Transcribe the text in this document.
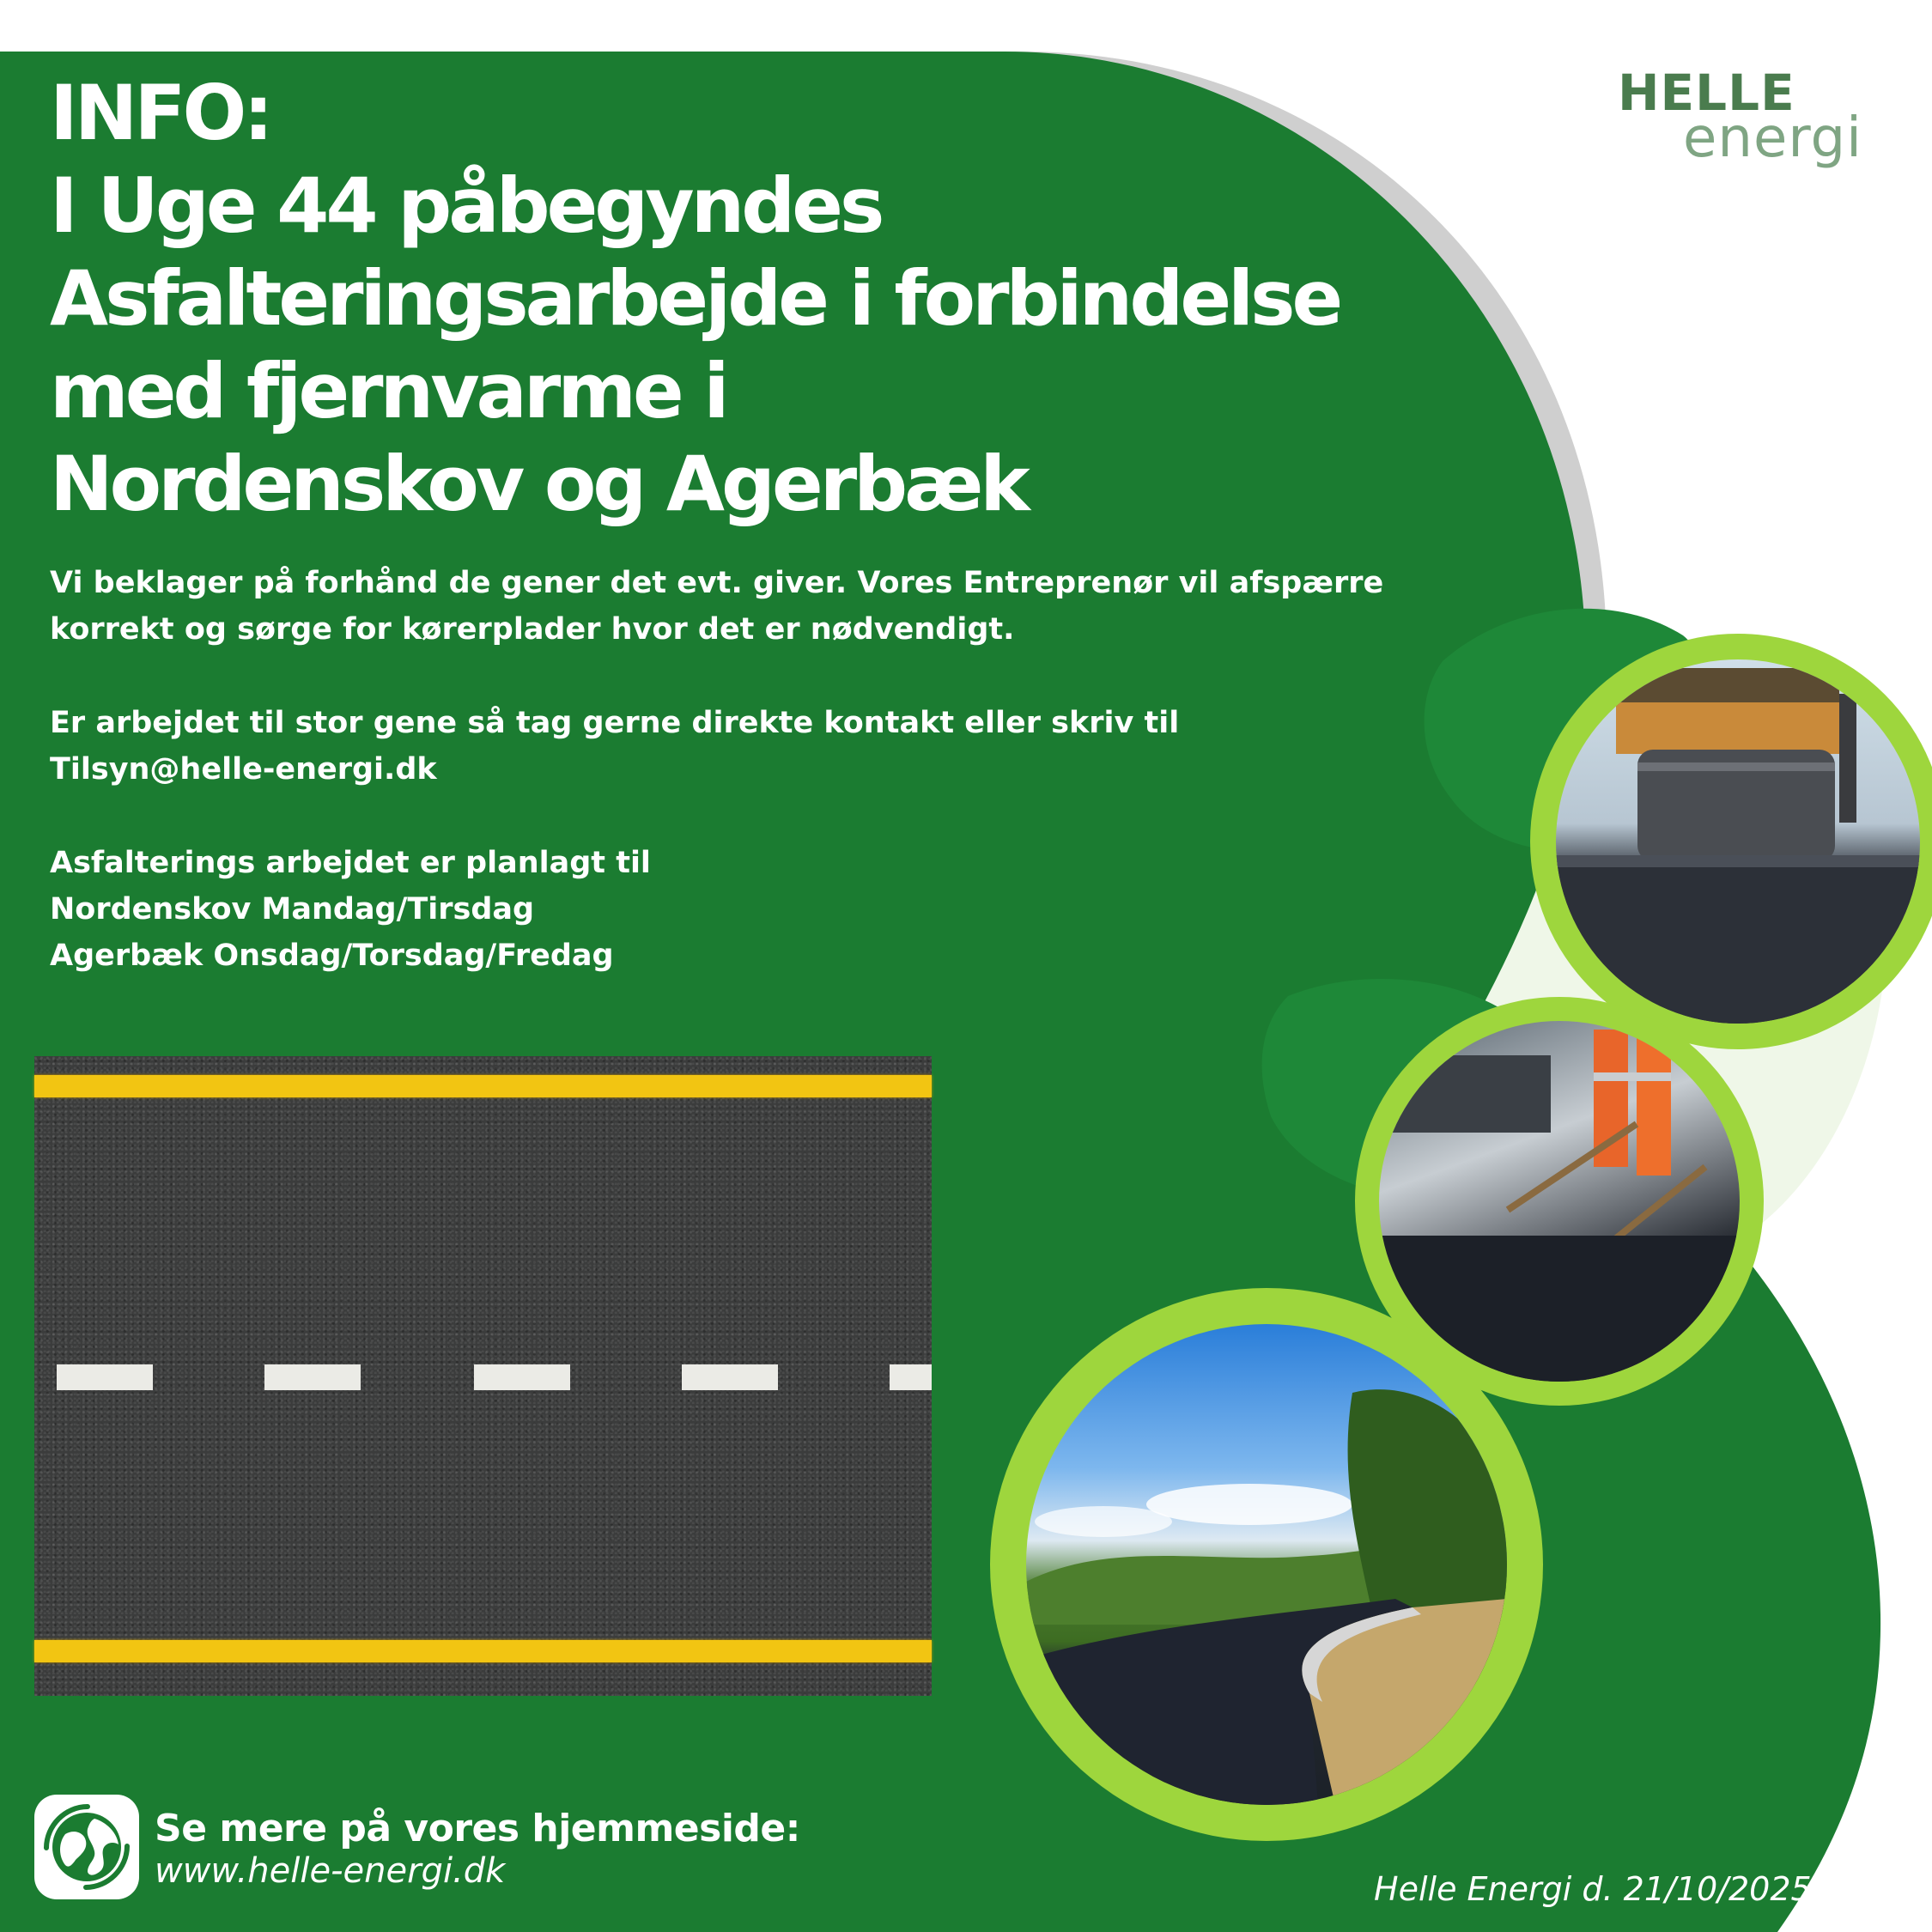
HELLE
energi
INFO:
I Uge 44 påbegyndes
Asfalteringsarbejde i forbindelse
med fjernvarme i
Nordenskov og Agerbæk
Vi beklager på forhånd de gener det evt. giver. Vores Entreprenør vil afspærre
korrekt og sørge for kørerplader hvor det er nødvendigt.
Er arbejdet til stor gene så tag gerne direkte kontakt eller skriv til
Tilsyn@helle-energi.dk
Asfalterings arbejdet er planlagt til
Nordenskov Mandag/Tirsdag
Agerbæk Onsdag/Torsdag/Fredag
Se mere på vores hjemmeside:
www.helle-energi.dk	Helle Energi d. 21/10/2025
